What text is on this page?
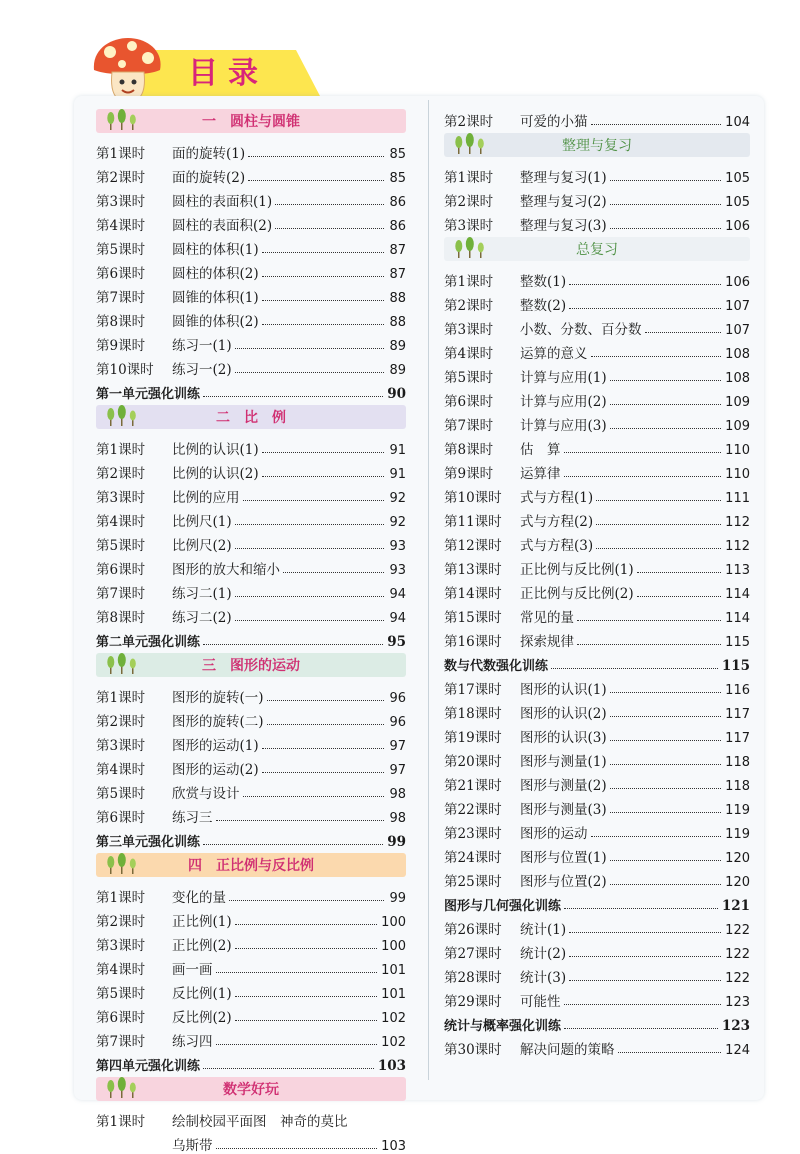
目录
一　圆柱与圆锥
第1课时	面的旋转(1)	85
第2课时	面的旋转(2)	85
第3课时	圆柱的表面积(1)	86
第4课时	圆柱的表面积(2)	86
第5课时	圆柱的体积(1)	87
第6课时	圆柱的体积(2)	87
第7课时	圆锥的体积(1)	88
第8课时	圆锥的体积(2)	88
第9课时	练习一(1)	89
第10课时	练习一(2)	89
第一单元强化训练	90
二　比　例
第1课时	比例的认识(1)	91
第2课时	比例的认识(2)	91
第3课时	比例的应用	92
第4课时	比例尺(1)	92
第5课时	比例尺(2)	93
第6课时	图形的放大和缩小	93
第7课时	练习二(1)	94
第8课时	练习二(2)	94
第二单元强化训练	95
三　图形的运动
第1课时	图形的旋转(一)	96
第2课时	图形的旋转(二)	96
第3课时	图形的运动(1)	97
第4课时	图形的运动(2)	97
第5课时	欣赏与设计	98
第6课时	练习三	98
第三单元强化训练	99
四　正比例与反比例
第1课时	变化的量	99
第2课时	正比例(1)	100
第3课时	正比例(2)	100
第4课时	画一画	101
第5课时	反比例(1)	101
第6课时	反比例(2)	102
第7课时	练习四	102
第四单元强化训练	103
数学好玩
第1课时	绘制校园平面图　神奇的莫比
乌斯带	103
第2课时	可爱的小猫	104
整理与复习
第1课时	整理与复习(1)	105
第2课时	整理与复习(2)	105
第3课时	整理与复习(3)	106
总复习
第1课时	整数(1)	106
第2课时	整数(2)	107
第3课时	小数、分数、百分数	107
第4课时	运算的意义	108
第5课时	计算与应用(1)	108
第6课时	计算与应用(2)	109
第7课时	计算与应用(3)	109
第8课时	估　算	110
第9课时	运算律	110
第10课时	式与方程(1)	111
第11课时	式与方程(2)	112
第12课时	式与方程(3)	112
第13课时	正比例与反比例(1)	113
第14课时	正比例与反比例(2)	114
第15课时	常见的量	114
第16课时	探索规律	115
数与代数强化训练	115
第17课时	图形的认识(1)	116
第18课时	图形的认识(2)	117
第19课时	图形的认识(3)	117
第20课时	图形与测量(1)	118
第21课时	图形与测量(2)	118
第22课时	图形与测量(3)	119
第23课时	图形的运动	119
第24课时	图形与位置(1)	120
第25课时	图形与位置(2)	120
图形与几何强化训练	121
第26课时	统计(1)	122
第27课时	统计(2)	122
第28课时	统计(3)	122
第29课时	可能性	123
统计与概率强化训练	123
第30课时	解决问题的策略	124
